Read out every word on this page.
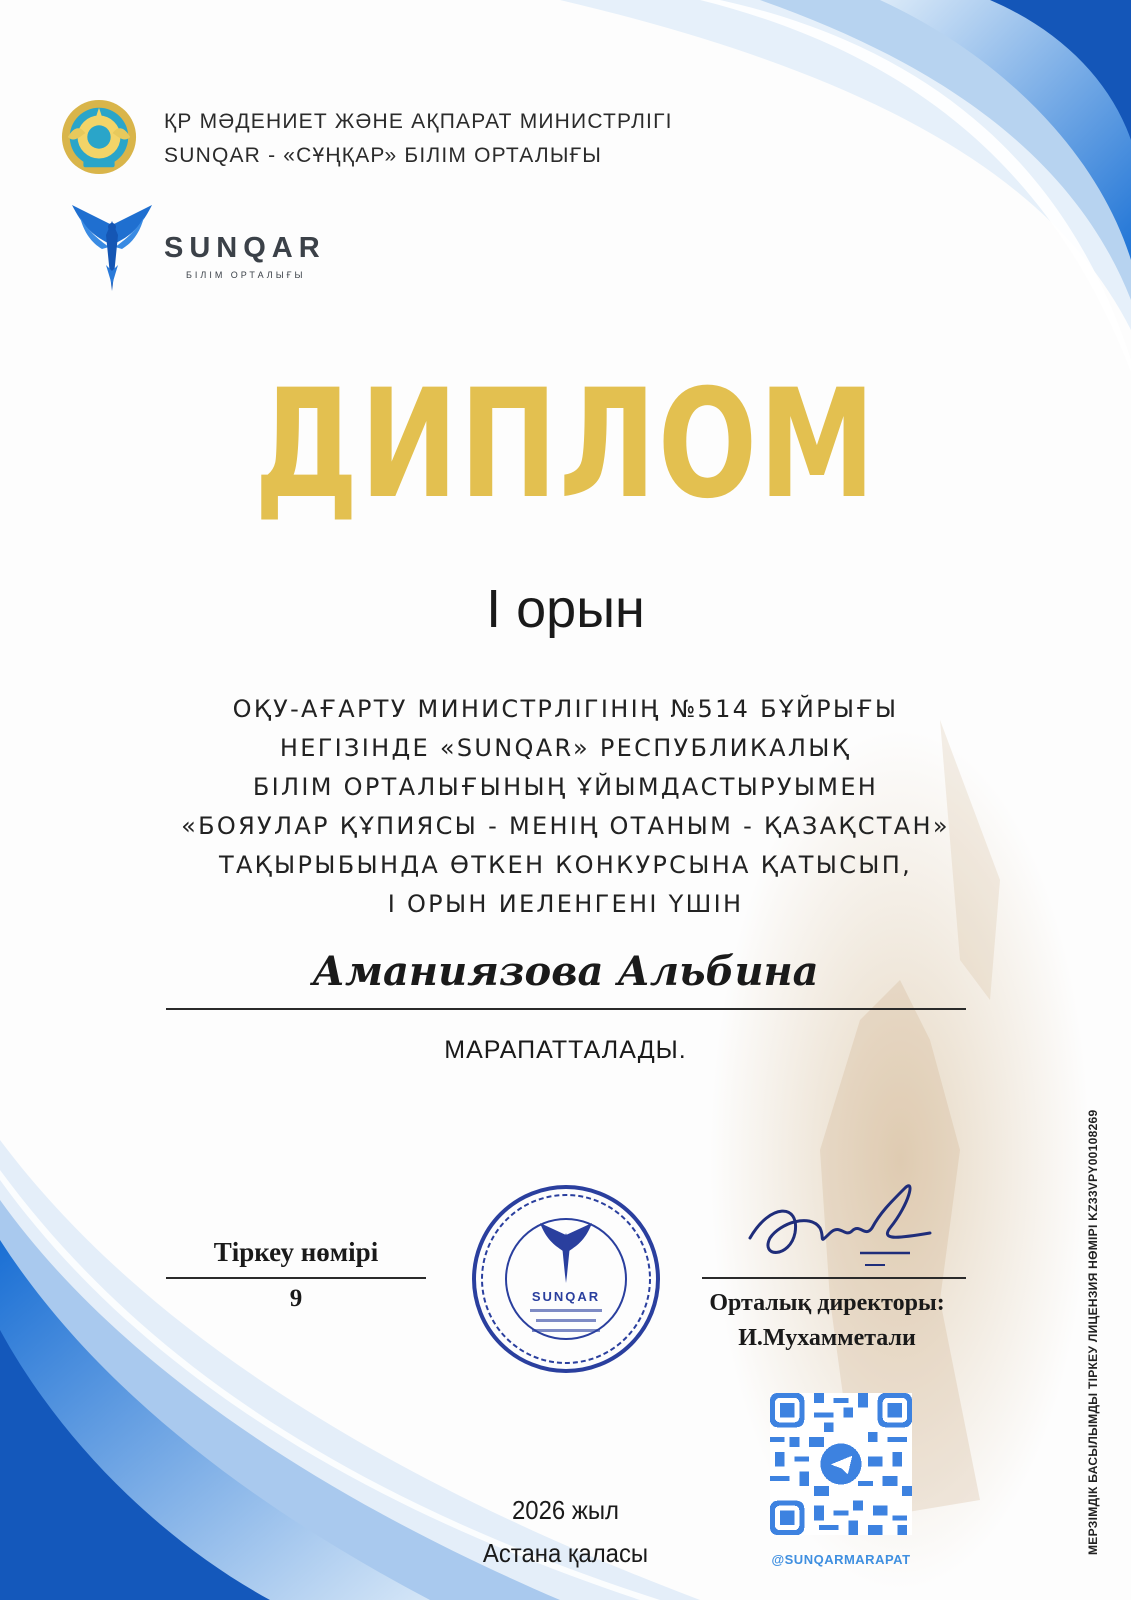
ҚР МӘДЕНИЕТ ЖӘНЕ АҚПАРАТ МИНИСТРЛІГІ
SUNQAR - «СҰҢҚАР» БІЛІМ ОРТАЛЫҒЫ
SUNQAR
БІЛІМ ОРТАЛЫҒЫ
ДИПЛОМ
I орын
ОҚУ-АҒАРТУ МИНИСТРЛІГІНІҢ №514 БҰЙРЫҒЫ
НЕГІЗІНДЕ «SUNQAR» РЕСПУБЛИКАЛЫҚ
БІЛІМ ОРТАЛЫҒЫНЫҢ ҰЙЫМДАСТЫРУЫМЕН
«БОЯУЛАР ҚҰПИЯСЫ - МЕНІҢ ОТАНЫМ - ҚАЗАҚСТАН»
ТАҚЫРЫБЫНДА ӨТКЕН КОНКУРСЫНА ҚАТЫСЫП,
I ОРЫН ИЕЛЕНГЕНІ ҮШІН
Аманиязова Альбина
МАРАПАТТАЛАДЫ.
Тіркеу нөмірі
9	SUNQAR	Орталық директоры:
И.Мухамметали
@SUNQARMARAPAT
2026 жыл
Астана қаласы	МЕРЗІМДІК БАСЫЛЫМДЫ ТІРКЕУ ЛИЦЕНЗИЯ НӨМІРІ KZ33VPY00108269
